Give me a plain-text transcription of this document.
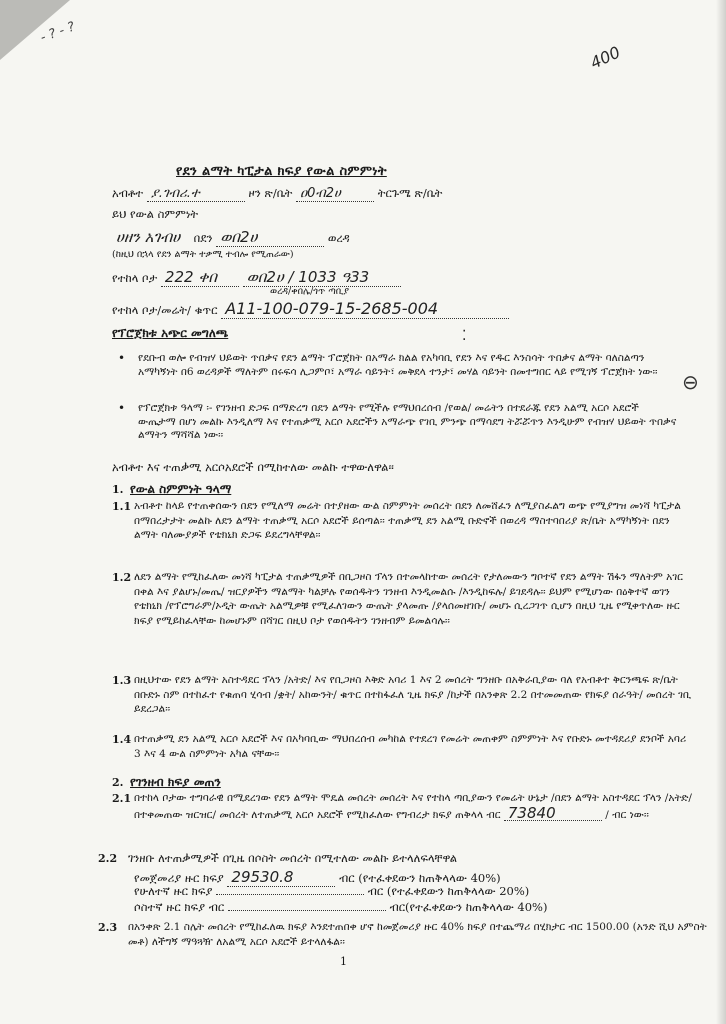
- ? - ?
400
የደን ልማት ካፒታል ክፍያ የውል ስምምነት
አብቶተ ያ.ገብሪ.ተ	ዞን ጽ/ቤት ዐ0ብ2ሀ	ትርጉሜ ጽ/ቤት
ይህ የውል ስምምነት
ሀዘን አገብሀ በደን ወበ2ሀ	ወረዳ
(ከዚህ በኋላ የደን ልማት ተቃሚ ተብሎ የሚጠራው)
የተከላ ቦታ 222 ቀበ ወበ2ሀ / 1033 ዓ33
ወረዳ/ቀበሌ/ጎጥ ጣቢያ
የተከላ ቦታ/መሬት/ ቁጥር A11-100-079-15-2685-004
የፕሮጀክቱ አጭር መግለጫ	⁚
• የደቡብ ወሎ የብዝሃ ህይወት ጥበቃና የደን ልማት ፕሮጀክት በአማራ ክልል የአካባቢ የደን እና የዱር እንስሳት ጥበቃና ልማት ባለስልጣን አማካኝነት በ6 ወረዳዎች ማለትም በሩፍሳ ሊጋምቦ፣ አማራ ሳይንት፣ መቅደላ ተንታ፣ መሃል ሳይንት በመተግበር ላይ የሚገኝ ፕሮጀክት ነው፡፡
• የፕሮጀክቱ ዓላማ ፡- የገንዘብ ድጋፍ በማድረግ በደን ልማት የሚችሉ የማህበረሰብ /የወል/ መሬትን በተደራጁ የደን አልሚ አርሶ አደሮች ውጤታማ በሆነ መልኩ እንዲለማ እና የተጠቃሚ አርሶ አደሮችን አማራጭ የገቢ ምንጭ በማሳደግ ትሯሯጥን እንዲሁም የብዝሃ ህይወት ጥበቃና ልማትን ማሻሻል ነው፡፡
⊖
አብቶተ እና ተጠቃሚ አርሶአደሮች በሚከተለው መልኩ ተዋውለዋል፡፡
1. የውል ስምምነት ዓላማ
1.1 አብቶተ ከላይ የተጠቀሰውን በደን የሚለማ መሬት በተያዘው ውል ስምምነት መሰረት በደን ለመሸፈን ለሚያስፈልግ ወጭ የሚያግዝ መነሻ ካፒታል በማበረታታት መልኩ ለደን ልማት ተጠቃሚ አርሶ አደሮች ይሰጣል፡፡ ተጠቃሚ ደን አልሚ ቡድኖች በወረዳ ማስተባበሪያ ጽ/ቤት አማካኝነት በደን ልማት ባለሙያዎች የቴክኒክ ድጋፍ ይደረግላቸዋል፡፡
1.2 ለደን ልማት የሚከፈለው መነሻ ካፒታል ተጠቃሚዎች በቢጋዞስ ፕላን በተመላከተው መሰረት የታለመውን ግቦተኛ የደን ልማት ሽፋን ማለትም አገር በቀል እና ያልሆኑ/መጤ/ ዝርያዎችን ማልማት ካልቻሉ የወሰዱትን ገንዘብ እንዲመልሱ /እንዲከፍሉ/ ይገደዳሉ፡፡ ይህም የሚሆነው በዕቅተኛ ወገን የቴክኒክ /የፕሮግራም/ኦዲት ውጤት አልሚዎቹ የሚፈለገውን ውጤት ያላመጡ /ያላሰመዘገቡ/ መሆኑ ሲረጋገጥ ሲሆን በዚህ ጊዜ የሚቀጥለው ዙር ክፍያ የሚይከፈላቸው ከመሆኑም በሻገር በዚህ ቦታ የወሰዱትን ገንዘብም ይመልሳሉ፡፡
1.3 በዚህተው የደን ልማት አስተዳደር ፕላን /አትድ/ እና የቢጋዞስ እቅድ አባሪ 1 እና 2 መሰረት ግንዘቡ በአቅራቢያው ባለ የአብቶተ ቅርንጫፍ ጽ/ቤት በቡድኑ ስም በተከፈተ የቁጠባ ሂሳብ /ቋት/ አከውንት/ ቁጥር በተከፋፈለ ጊዜ ክፍያ /ከታች በአንቀጽ 2.2 በተመመጠው የክፍያ ሰራዓት/ መሰረት ገቢ ይደረጋል፡፡
1.4 በተጠቃሚ ደን አልሚ አርሶ አደሮች እና በአካባቢው ማህበረሰብ መካከል የተደረገ የመሬት መጠቀም ስምምነት እና የቡድኑ መተዳደሪያ ደንቦች አባሪ 3 እና 4 ውል ስምምነት አካል ናቸው፡፡
2. የገንዘብ ክፍያ መጠን
2.1 በተከላ ቦታው ተግባራዊ በሚደረገው የደን ልማት ሞዴል መሰረት መሰረት እና የተከላ ጣቢያውን የመሬት ሁኔታ /በደን ልማት አስተዳደር ፕላን /አትድ/ በተቀመጠው ዝርዝር/ መሰረት ለተጠቃሚ አርሶ አደሮች የሚከፈለው የግብረታ ክፍያ ጠቅላላ ብር 73840	/ ብር ነው፡፡
2.2 ገንዘቡ ለተጠቃሚዎች በጊዜ በሶስት መሰረት በሚተለው መልኩ ይተላለፍላቸዋል
የመጀመሪያ ዙር ክፍያ 29530.8	ብር (የተፈቀደውን ከጠቅላላው 40%)
የሁለተኛ ዙር ክፍያ	ብር (የተፈቀደውን ከጠቅላላው 20%)
ሶስተኛ ዙር ክፍያ ብር	ብር(የተፈቀደውን ከጠቅላላው 40%)
2.3 በአንቀጽ 2.1 ስሌት መሰረት የሚከፈለዉ ክፍያ እንደተጠበቀ ሆኖ ከመጀመሪያ ዙር 40% ክፍያ በተጨማሪ በሂክታር ብር 1500.00 (አንድ ሺህ አምስት መቶ) ለችግኝ ማዓጓዥ ለአልሚ አርሶ አደሮች ይተላለፋል፡፡
1
